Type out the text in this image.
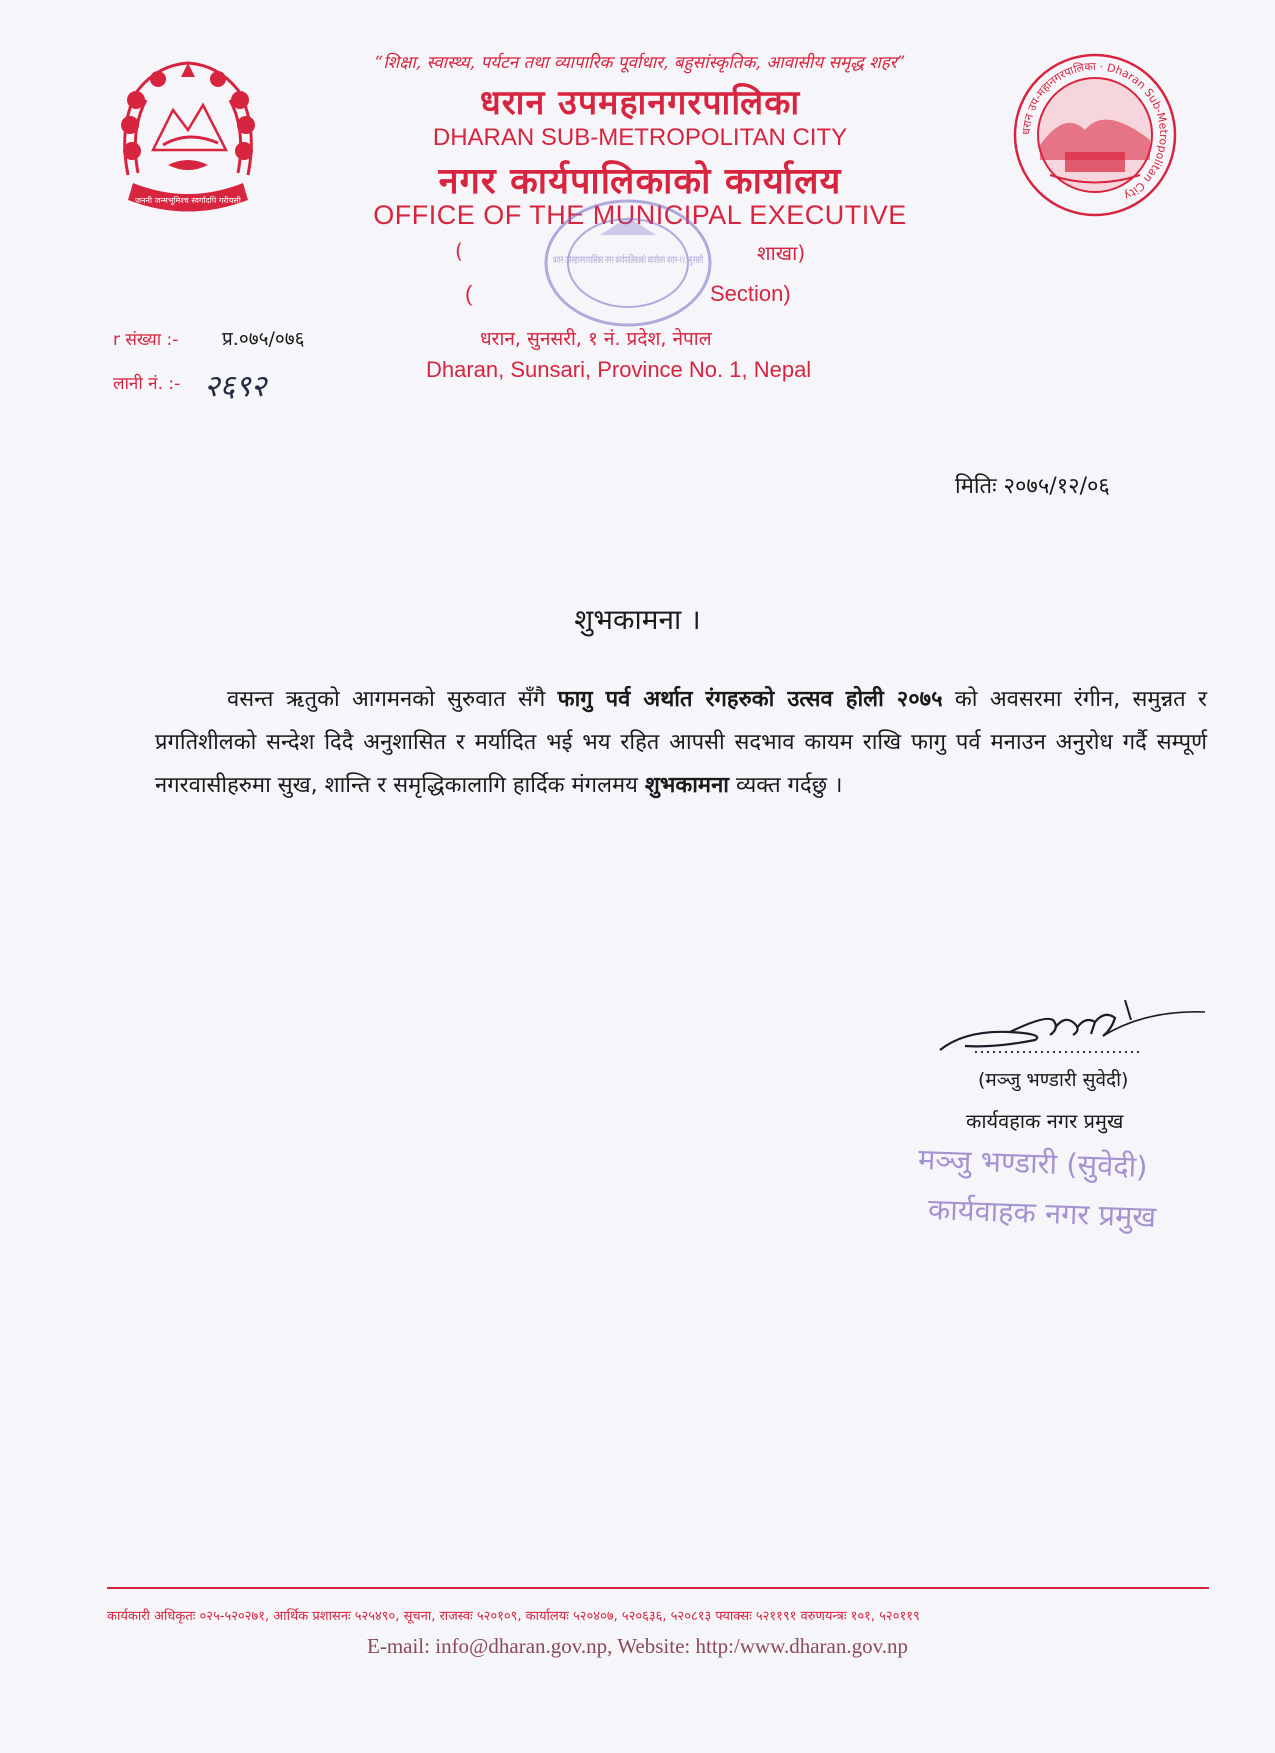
जननी जन्मभूमिश्च स्वर्गादपि गरीयसी
धरान उप-महानगरपालिका · Dharan Sub-Metropolitan City
“शिक्षा, स्वास्थ्य, पर्यटन तथा व्यापारिक पूर्वाधार, बहुसांस्कृतिक, आवासीय समृद्ध शहर”
धरान उपमहानगरपालिका
DHARAN SUB-METROPOLITAN CITY
नगर कार्यपालिकाको कार्यालय
OFFICE OF THE MUNICIPAL EXECUTIVE
धरान उपमहानगरपालिका नगर कार्यपालिकाको
(	शाखा)
(	Section)
धरान, सुनसरी, १ नं. प्रदेश, नेपाल
Dharan, Sunsari, Province No. 1, Nepal
r संख्या :- प्र.०७५/०७६
लानी नं. :- २६९२
मितिः २०७५/१२/०६
शुभकामना ।
वसन्त ऋतुको आगमनको सुरुवात सँगै फागु पर्व अर्थात रंगहरुको उत्सव होली २०७५ को अवसरमा रंगीन, समुन्नत र प्रगतिशीलको सन्देश दिदै अनुशासित र मर्यादित भई भय रहित आपसी सदभाव कायम राखि फागु पर्व मनाउन अनुरोध गर्दै सम्पूर्ण नगरवासीहरुमा सुख, शान्ति र समृद्धिकालागि हार्दिक मंगलमय शुभकामना व्यक्त गर्दछु ।
(मञ्जु भण्डारी सुवेदी)
कार्यवहाक नगर प्रमुख
मञ्जु भण्डारी (सुवेदी)
कार्यवाहक नगर प्रमुख
कार्यकारी अधिकृतः ०२५-५२०२७१, आर्थिक प्रशासनः ५२५४९०, सूचना, राजस्वः ५२०१०९, कार्यालयः ५२०४०७, ५२०६३६, ५२०८१३ फ्याक्सः ५२११९१ वरुणयन्त्रः १०१, ५२०११९
E-mail: info@dharan.gov.np, Website: http:/www.dharan.gov.np
